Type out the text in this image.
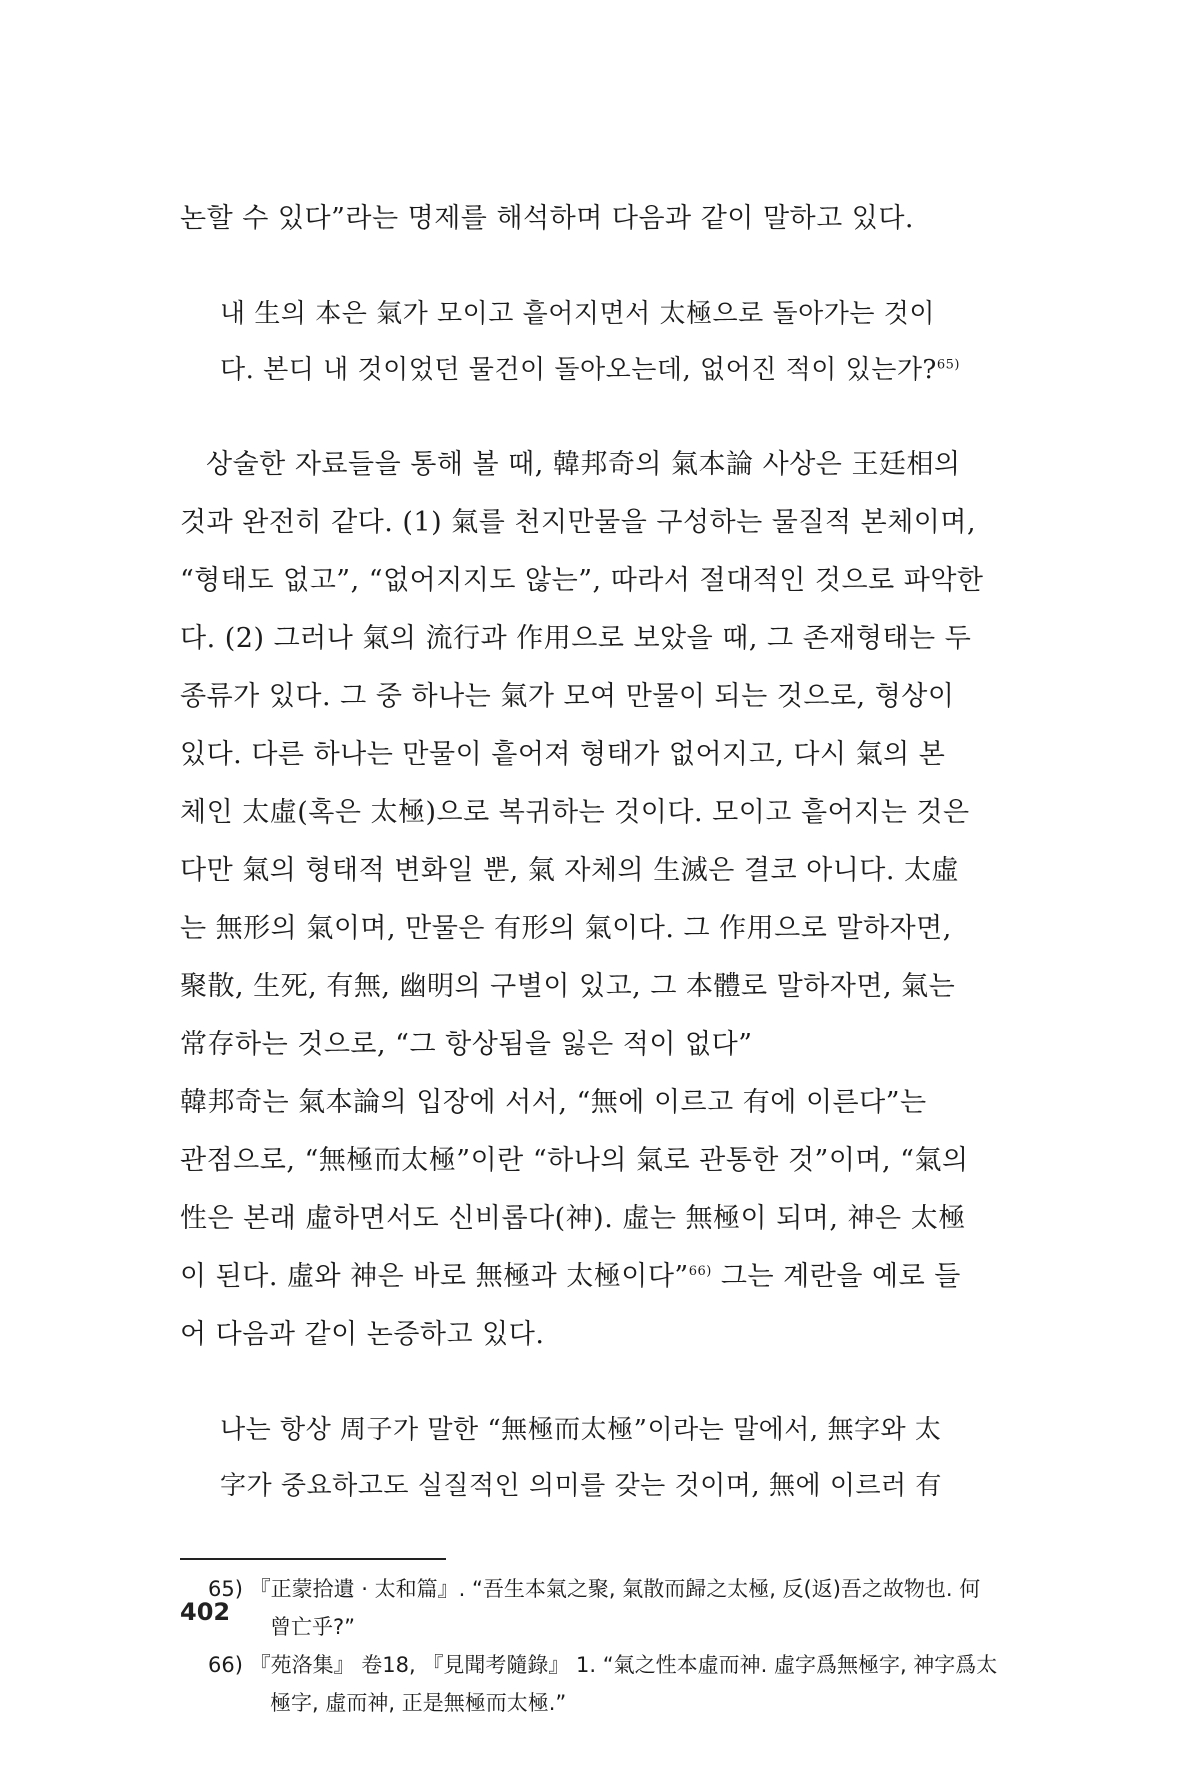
논할 수 있다”라는 명제를 해석하며 다음과 같이 말하고 있다.
내 生의 本은 氣가 모이고 흩어지면서 太極으로 돌아가는 것이
다. 본디 내 것이었던 물건이 돌아오는데, 없어진 적이 있는가?$^{65)}$
상술한 자료들을 통해 볼 때, 韓邦奇의 氣本論 사상은 王廷相의
것과 완전히 같다. (1) 氣를 천지만물을 구성하는 물질적 본체이며,
“형태도 없고”, “없어지지도 않는”, 따라서 절대적인 것으로 파악한
다. (2) 그러나 氣의 流行과 作用으로 보았을 때, 그 존재형태는 두
종류가 있다. 그 중 하나는 氣가 모여 만물이 되는 것으로, 형상이
있다. 다른 하나는 만물이 흩어져 형태가 없어지고, 다시 氣의 본
체인 太虛(혹은 太極)으로 복귀하는 것이다. 모이고 흩어지는 것은
다만 氣의 형태적 변화일 뿐, 氣 자체의 生滅은 결코 아니다. 太虛
는 無形의 氣이며, 만물은 有形의 氣이다. 그 作用으로 말하자면,
聚散, 生死, 有無, 幽明의 구별이 있고, 그 本體로 말하자면, 氣는
常存하는 것으로, “그 항상됨을 잃은 적이 없다”
韓邦奇는 氣本論의 입장에 서서, “無에 이르고 有에 이른다”는
관점으로, “無極而太極”이란 “하나의 氣로 관통한 것”이며, “氣의
性은 본래 虛하면서도 신비롭다(神). 虛는 無極이 되며, 神은 太極
이 된다. 虛와 神은 바로 無極과 太極이다”$^{66)}$ 그는 계란을 예로 들
어 다음과 같이 논증하고 있다.
나는 항상 周子가 말한 “無極而太極”이라는 말에서, 無字와 太
字가 중요하고도 실질적인 의미를 갖는 것이며, 無에 이르러 有
65) 『正蒙拾遺 · 太和篇』. “吾生本氣之聚, 氣散而歸之太極, 反(返)吾之故物也. 何
曾亡乎?”
66) 『苑洛集』 卷18, 『見聞考隨錄』 1. “氣之性本虛而神. 虛字爲無極字, 神字爲太
極字, 虛而神, 正是無極而太極.”
402
